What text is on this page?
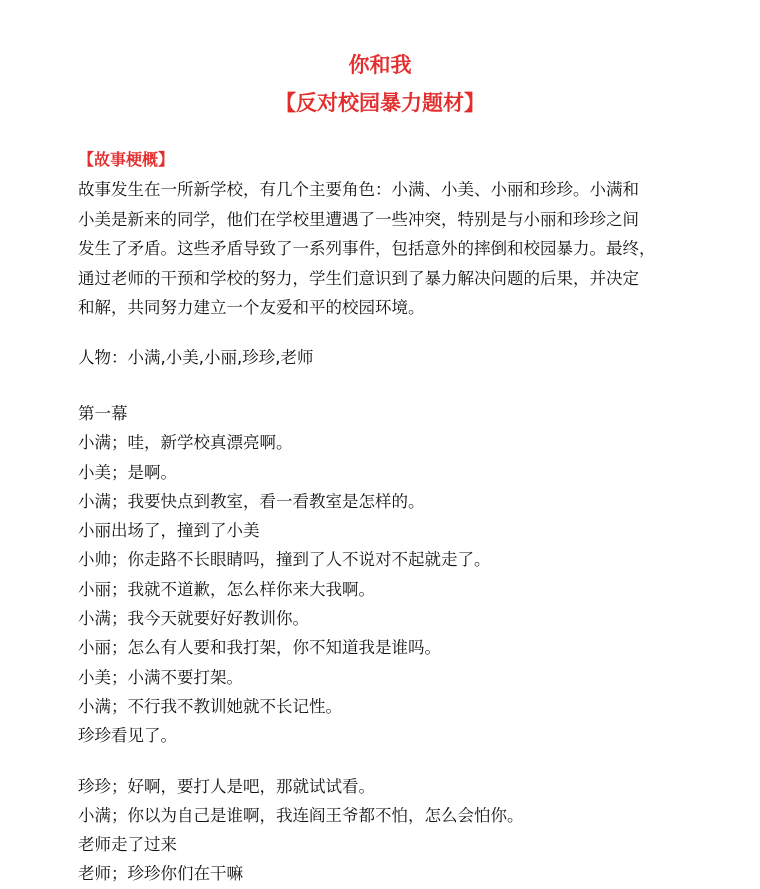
你和我
【反对校园暴力题材】
【故事梗概】
故事发生在一所新学校，有几个主要角色：小满、小美、小丽和珍珍。小满和
小美是新来的同学，他们在学校里遭遇了一些冲突，特别是与小丽和珍珍之间
发生了矛盾。这些矛盾导致了一系列事件，包括意外的摔倒和校园暴力。最终，
通过老师的干预和学校的努力，学生们意识到了暴力解决问题的后果，并决定
和解，共同努力建立一个友爱和平的校园环境。
人物：小满,小美,小丽,珍珍,老师
第一幕
小满；哇，新学校真漂亮啊。
小美；是啊。
小满；我要快点到教室，看一看教室是怎样的。
小丽出场了，撞到了小美
小帅；你走路不长眼睛吗，撞到了人不说对不起就走了。
小丽；我就不道歉，怎么样你来大我啊。
小满；我今天就要好好教训你。
小丽；怎么有人要和我打架，你不知道我是谁吗。
小美；小满不要打架。
小满；不行我不教训她就不长记性。
珍珍看见了。
珍珍；好啊，要打人是吧，那就试试看。
小满；你以为自己是谁啊，我连阎王爷都不怕，怎么会怕你。
老师走了过来
老师；珍珍你们在干嘛
